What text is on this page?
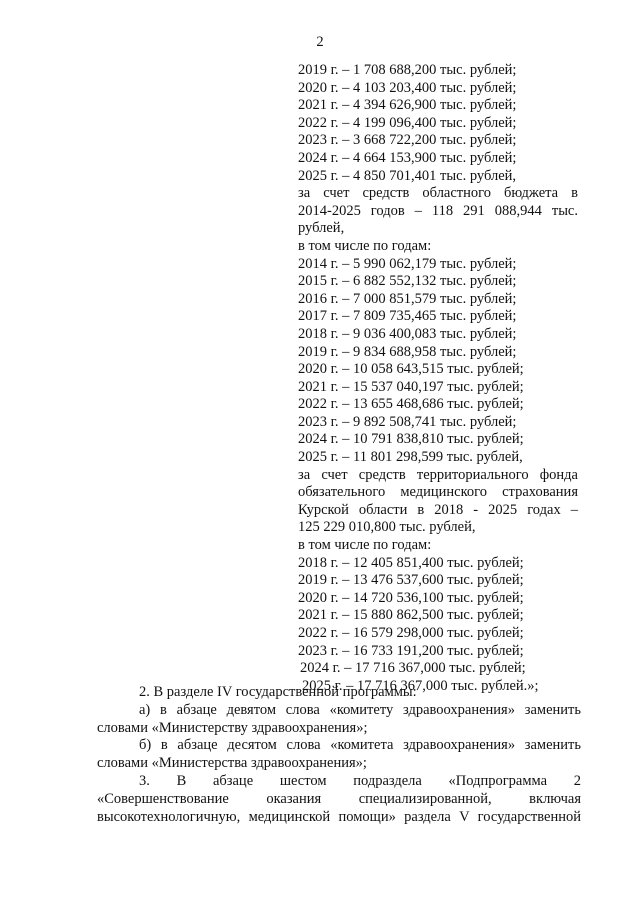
2
2019 г. – 1 708 688,200 тыс. рублей;
2020 г. – 4 103 203,400 тыс. рублей;
2021 г. – 4 394 626,900 тыс. рублей;
2022 г. – 4 199 096,400 тыс. рублей;
2023 г. – 3 668 722,200 тыс. рублей;
2024 г. – 4 664 153,900 тыс. рублей;
2025 г. – 4 850 701,401 тыс. рублей,
за счет средств областного бюджета в
2014-2025 годов – 118 291 088,944 тыс.
рублей,
в том числе по годам:
2014 г. – 5 990 062,179 тыс. рублей;
2015 г. – 6 882 552,132 тыс. рублей;
2016 г. – 7 000 851,579 тыс. рублей;
2017 г. – 7 809 735,465 тыс. рублей;
2018 г. – 9 036 400,083 тыс. рублей;
2019 г. – 9 834 688,958 тыс. рублей;
2020 г. – 10 058 643,515 тыс. рублей;
2021 г. – 15 537 040,197 тыс. рублей;
2022 г. – 13 655 468,686 тыс. рублей;
2023 г. – 9 892 508,741 тыс. рублей;
2024 г. – 10 791 838,810 тыс. рублей;
2025 г. – 11 801 298,599 тыс. рублей,
за счет средств территориального фонда
обязательного медицинского страхования
Курской области в 2018 - 2025 годах –
125 229 010,800 тыс. рублей,
в том числе по годам:
2018 г. – 12 405 851,400 тыс. рублей;
2019 г. – 13 476 537,600 тыс. рублей;
2020 г. – 14 720 536,100 тыс. рублей;
2021 г. – 15 880 862,500 тыс. рублей;
2022 г. – 16 579 298,000 тыс. рублей;
2023 г. – 16 733 191,200 тыс. рублей;
2024 г. – 17 716 367,000 тыс. рублей;
2025 г. – 17 716 367,000 тыс. рублей.»;
2. В разделе IV государственной программы:
а) в абзаце девятом слова «комитету здравоохранения» заменить
словами «Министерству здравоохранения»;
б) в абзаце десятом слова «комитета здравоохранения» заменить
словами «Министерства здравоохранения»;
3. В абзаце шестом подраздела «Подпрограмма 2
«Совершенствование оказания специализированной, включая
высокотехнологичную, медицинской помощи» раздела V государственной
